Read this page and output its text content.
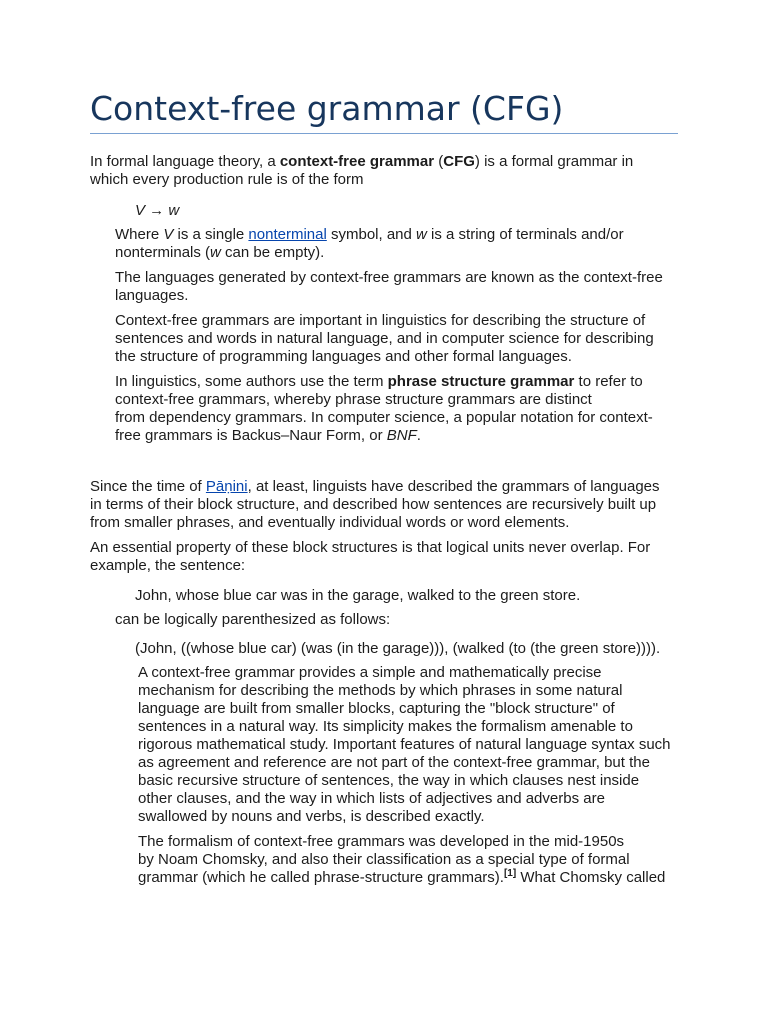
Context-free grammar (CFG)
In formal language theory, a context-free grammar (CFG) is a formal grammar in
which every production rule is of the form
V → w
Where V is a single nonterminal symbol, and w is a string of terminals and/or
nonterminals (w can be empty).
The languages generated by context-free grammars are known as the context-free
languages.
Context-free grammars are important in linguistics for describing the structure of
sentences and words in natural language, and in computer science for describing
the structure of programming languages and other formal languages.
In linguistics, some authors use the term phrase structure grammar to refer to
context-free grammars, whereby phrase structure grammars are distinct
from dependency grammars. In computer science, a popular notation for context-
free grammars is Backus–Naur Form, or BNF.
Since the time of Pāṇini, at least, linguists have described the grammars of languages
in terms of their block structure, and described how sentences are recursively built up
from smaller phrases, and eventually individual words or word elements.
An essential property of these block structures is that logical units never overlap. For
example, the sentence:
John, whose blue car was in the garage, walked to the green store.
can be logically parenthesized as follows:
(John, ((whose blue car) (was (in the garage))), (walked (to (the green store)))).
A context-free grammar provides a simple and mathematically precise
mechanism for describing the methods by which phrases in some natural
language are built from smaller blocks, capturing the "block structure" of
sentences in a natural way. Its simplicity makes the formalism amenable to
rigorous mathematical study. Important features of natural language syntax such
as agreement and reference are not part of the context-free grammar, but the
basic recursive structure of sentences, the way in which clauses nest inside
other clauses, and the way in which lists of adjectives and adverbs are
swallowed by nouns and verbs, is described exactly.
The formalism of context-free grammars was developed in the mid-1950s
by Noam Chomsky, and also their classification as a special type of formal
grammar (which he called phrase-structure grammars).[1] What Chomsky called
